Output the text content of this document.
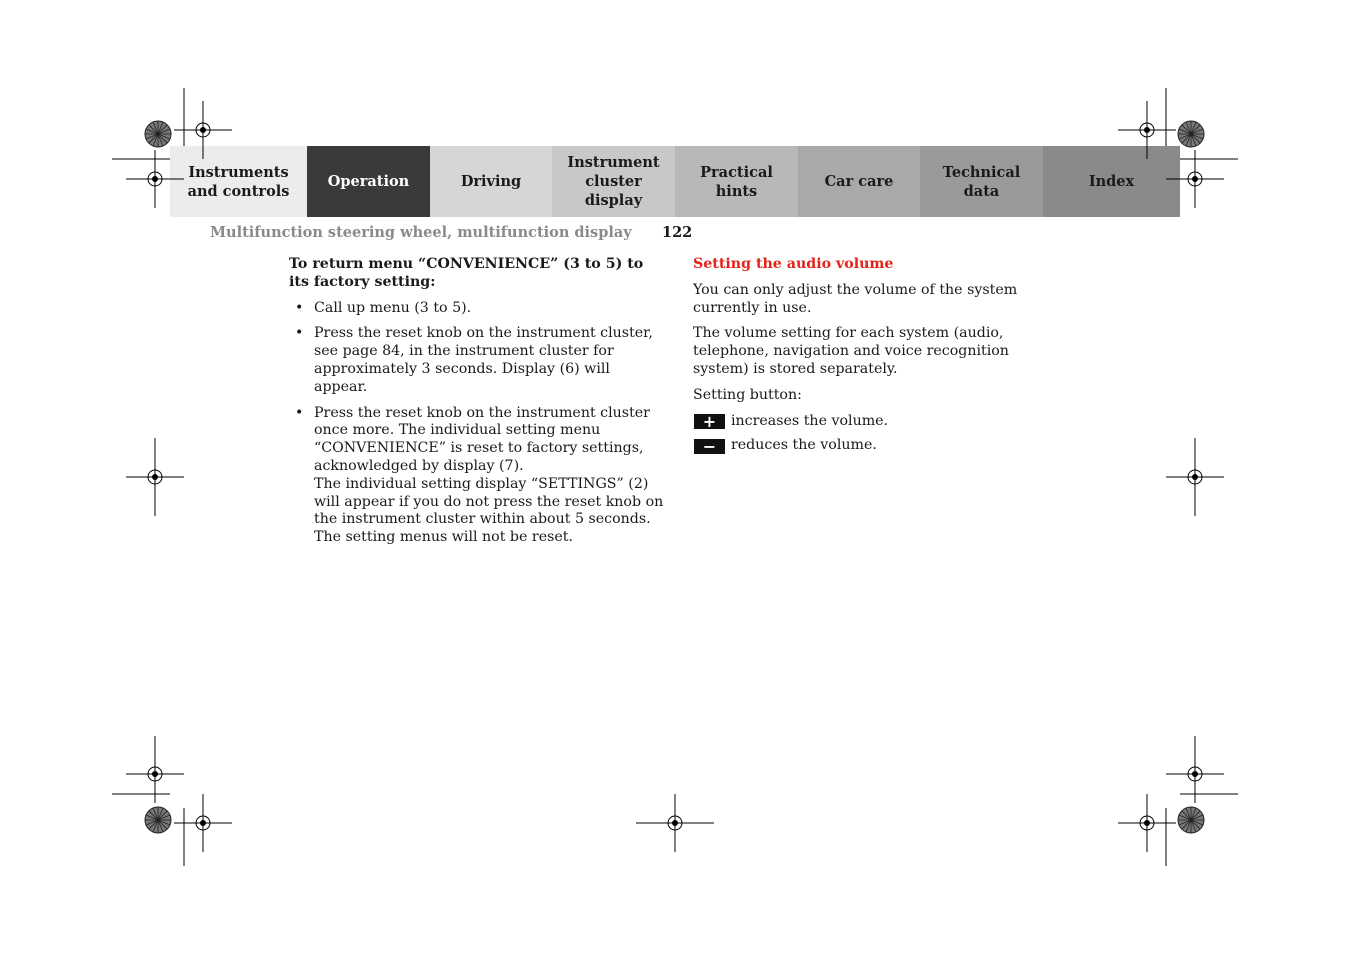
Instruments
and controls
Operation	Driving
Instrument
cluster display
Practical hints
Car care
Technical
data
Index
Multifunction steering wheel, multifunction display 122
To return menu “CONVENIENCE” (3 to 5) to its factory setting:
• Call up menu (3 to 5).
• Press the reset knob on the instrument cluster, see page 84, in the instrument cluster for approximately 3 seconds. Display (6) will appear.
• Press the reset knob on the instrument cluster once more. The individual setting menu “CONVENIENCE” is reset to factory settings, acknowledged by display (7).
The individual setting display “SETTINGS” (2) will appear if you do not press the reset knob on the instrument cluster within about 5 seconds. The setting menus will not be reset.
Setting the audio volume

You can only adjust the volume of the system currently in use.

The volume setting for each system (audio, telephone, navigation and voice recognition system) is stored separately.

Setting button:

+	increases the volume.
−	reduces the volume.
